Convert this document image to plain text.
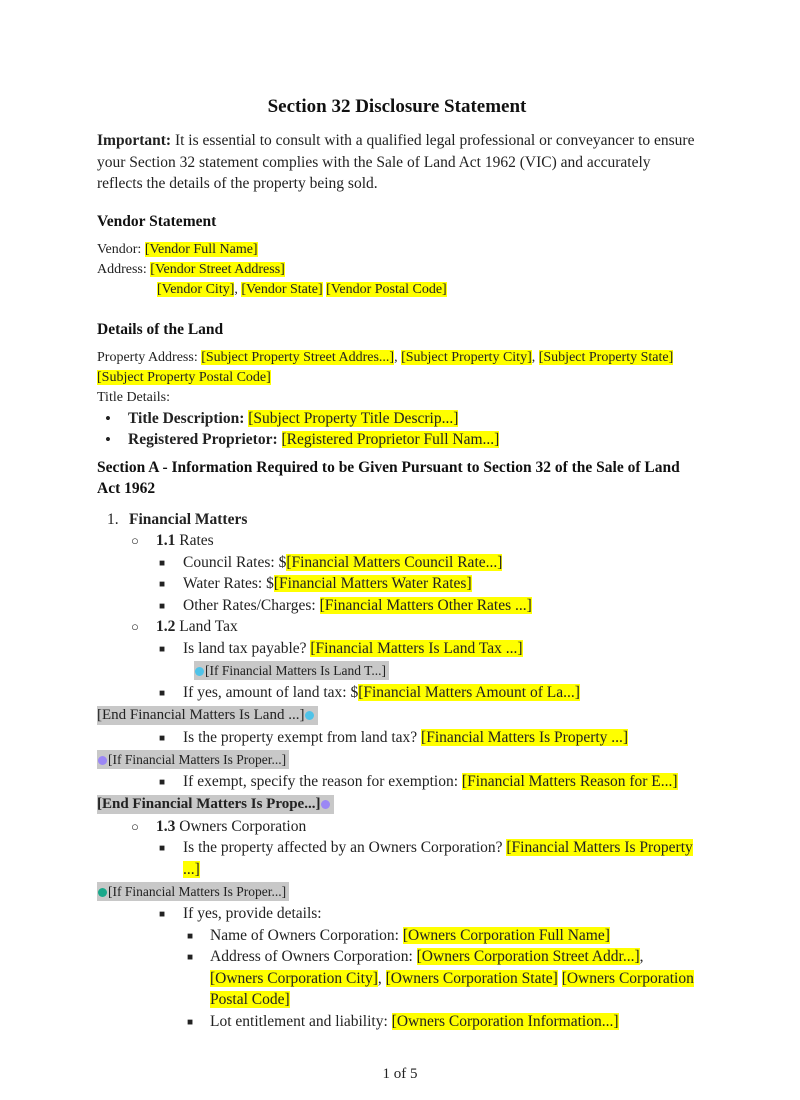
Section 32 Disclosure Statement

Important: It is essential to consult with a qualified legal professional or conveyancer to ensure your Section 32 statement complies with the Sale of Land Act 1962 (VIC) and accurately reflects the details of the property being sold.

Vendor Statement
Vendor: [Vendor Full Name]
Address: [Vendor Street Address]
[Vendor City], [Vendor State] [Vendor Postal Code]
Details of the Land
Property Address: [Subject Property Street Addres...], [Subject Property City], [Subject Property State] [Subject Property Postal Code]
Title Details:
• Title Description: [Subject Property Title Descrip...]
• Registered Proprietor: [Registered Proprietor Full Nam...]
Section A - Information Required to be Given Pursuant to Section 32 of the Sale of Land Act 1962
1. Financial Matters
○ 1.1 Rates
■ Council Rates: $[Financial Matters Council Rate...]
■ Water Rates: $[Financial Matters Water Rates]
■ Other Rates/Charges: [Financial Matters Other Rates ...]
○ 1.2 Land Tax
■ Is land tax payable? [Financial Matters Is Land Tax ...]
[If Financial Matters Is Land T...]
■ If yes, amount of land tax: $[Financial Matters Amount of La...]
[End Financial Matters Is Land ...]
■ Is the property exempt from land tax? [Financial Matters Is Property ...]
[If Financial Matters Is Proper...]
■ If exempt, specify the reason for exemption: [Financial Matters Reason for E...]
[End Financial Matters Is Prope...]
○ 1.3 Owners Corporation
■ Is the property affected by an Owners Corporation? [Financial Matters Is Property ...]
[If Financial Matters Is Proper...]
■ If yes, provide details:
■ Name of Owners Corporation: [Owners Corporation Full Name]
■ Address of Owners Corporation: [Owners Corporation Street Addr...], [Owners Corporation City], [Owners Corporation State] [Owners Corporation Postal Code]
■ Lot entitlement and liability: [Owners Corporation Information...]
1 of 5
